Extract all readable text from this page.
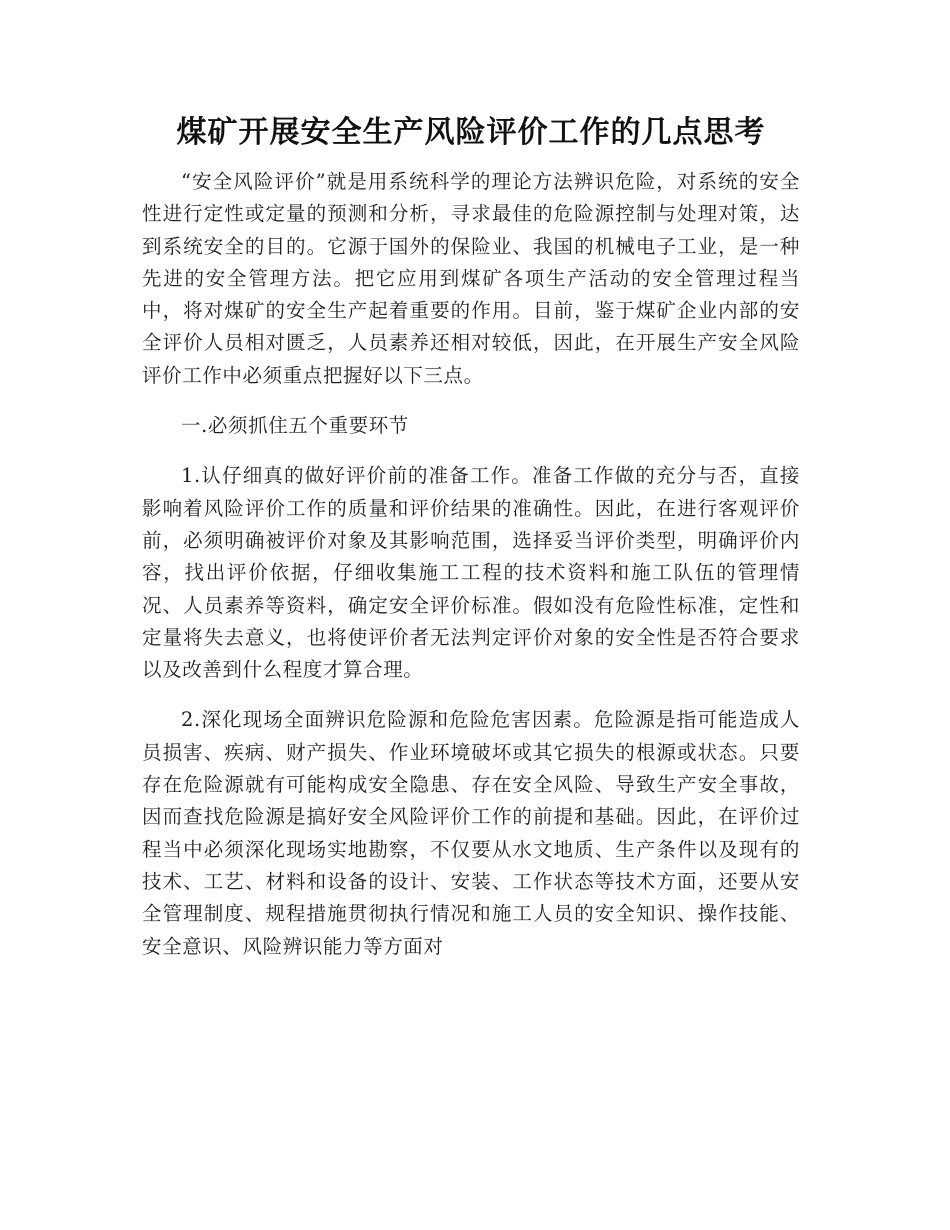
煤矿开展安全生产风险评价工作的几点思考

“安全风险评价”就是用系统科学的理论方法辨识危险，对系统的安全性进行定性或定量的预测和分析，寻求最佳的危险源控制与处理对策，达到系统安全的目的。它源于国外的保险业、我国的机械电子工业，是一种先进的安全管理方法。把它应用到煤矿各项生产活动的安全管理过程当中，将对煤矿的安全生产起着重要的作用。目前，鉴于煤矿企业内部的安全评价人员相对匮乏，人员素养还相对较低，因此，在开展生产安全风险评价工作中必须重点把握好以下三点。

一.必须抓住五个重要环节

1.认仔细真的做好评价前的准备工作。准备工作做的充分与否，直接影响着风险评价工作的质量和评价结果的准确性。因此，在进行客观评价前，必须明确被评价对象及其影响范围，选择妥当评价类型，明确评价内容，找出评价依据，仔细收集施工工程的技术资料和施工队伍的管理情况、人员素养等资料，确定安全评价标准。假如没有危险性标准，定性和定量将失去意义，也将使评价者无法判定评价对象的安全性是否符合要求以及改善到什么程度才算合理。

2.深化现场全面辨识危险源和危险危害因素。危险源是指可能造成人员损害、疾病、财产损失、作业环境破坏或其它损失的根源或状态。只要存在危险源就有可能构成安全隐患、存在安全风险、导致生产安全事故，因而查找危险源是搞好安全风险评价工作的前提和基础。因此，在评价过程当中必须深化现场实地勘察，不仅要从水文地质、生产条件以及现有的技术、工艺、材料和设备的设计、安装、工作状态等技术方面，还要从安全管理制度、规程措施贯彻执行情况和施工人员的安全知识、操作技能、安全意识、风险辨识能力等方面对
